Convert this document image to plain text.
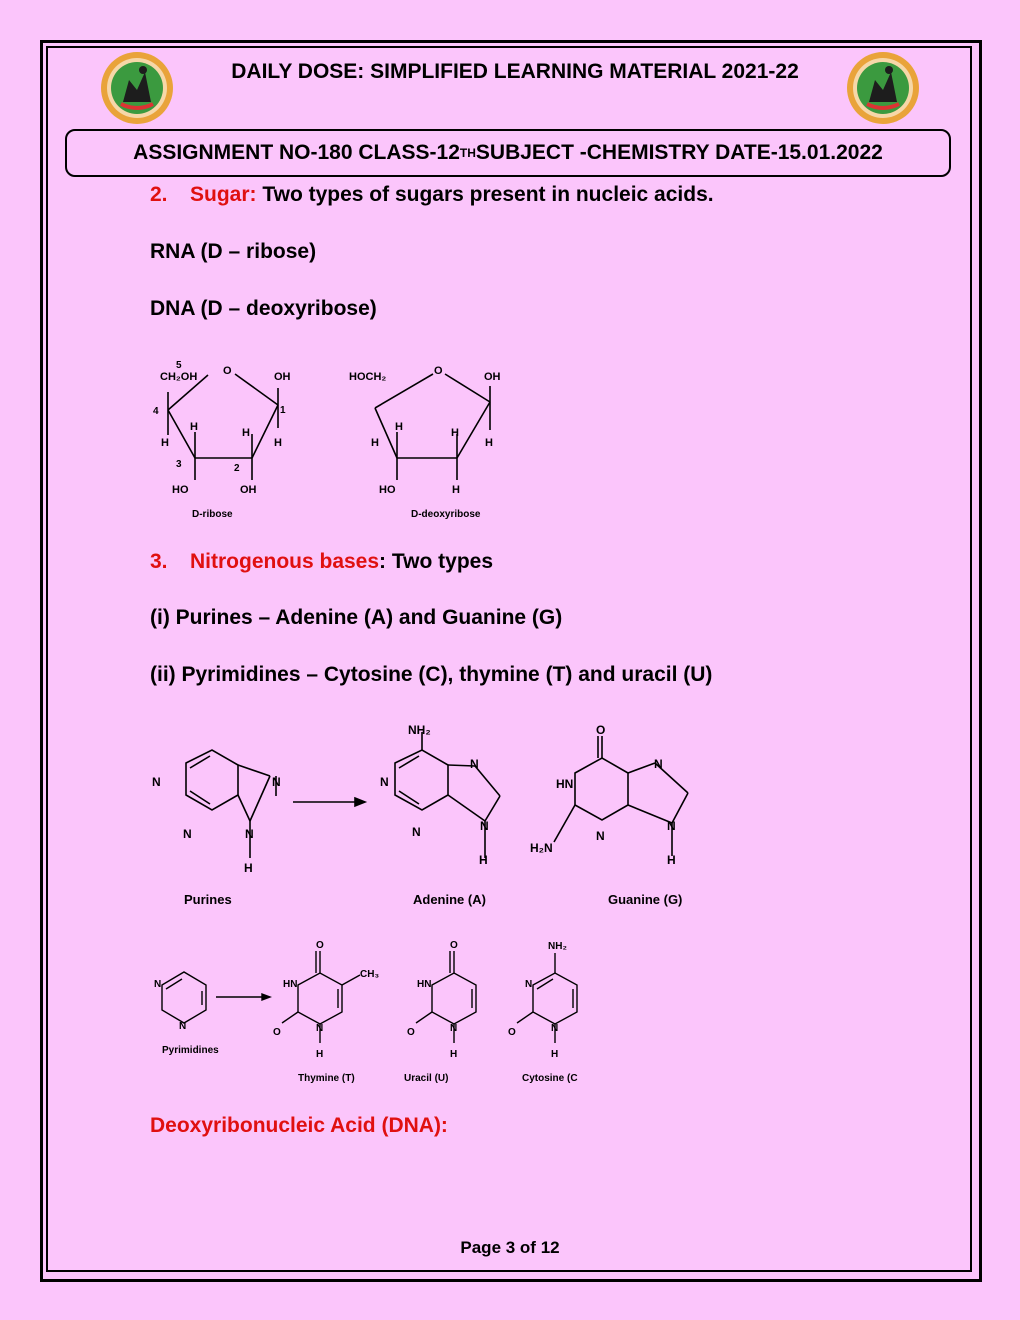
DAILY DOSE: SIMPLIFIED LEARNING MATERIAL 2021-22
ASSIGNMENT NO-180 CLASS-12 TH SUBJECT -CHEMISTRY DATE-15.01.2022
2. Sugar: Two types of sugars present in nucleic acids.
RNA (D – ribose)
DNA (D – deoxyribose)
5
CH₂OH O	OH
1
4
H
H
H
H
3	2
HO	OH
D-ribose
HOCH₂	O	OH
H
H
H
H
HO	H
D-deoxyribose
3. Nitrogenous bases: Two types
(i) Purines – Adenine (A) and Guanine (G)
(ii) Pyrimidines – Cytosine (C), thymine (T) and uracil (U)
N
N
N
N
H
NH₂
N
N
N
N
H
O
HN
N
H₂N
N
N
H
Purines	Adenine (A)	Guanine (G)
N
N
O
CH₃
HN
O	N
H
O
HN
O	N
H
NH₂
N
O	N
H
Pyrimidines
Thymine (T)	Uracil (U)	Cytosine (C
Deoxyribonucleic Acid (DNA):
Page 3 of 12
